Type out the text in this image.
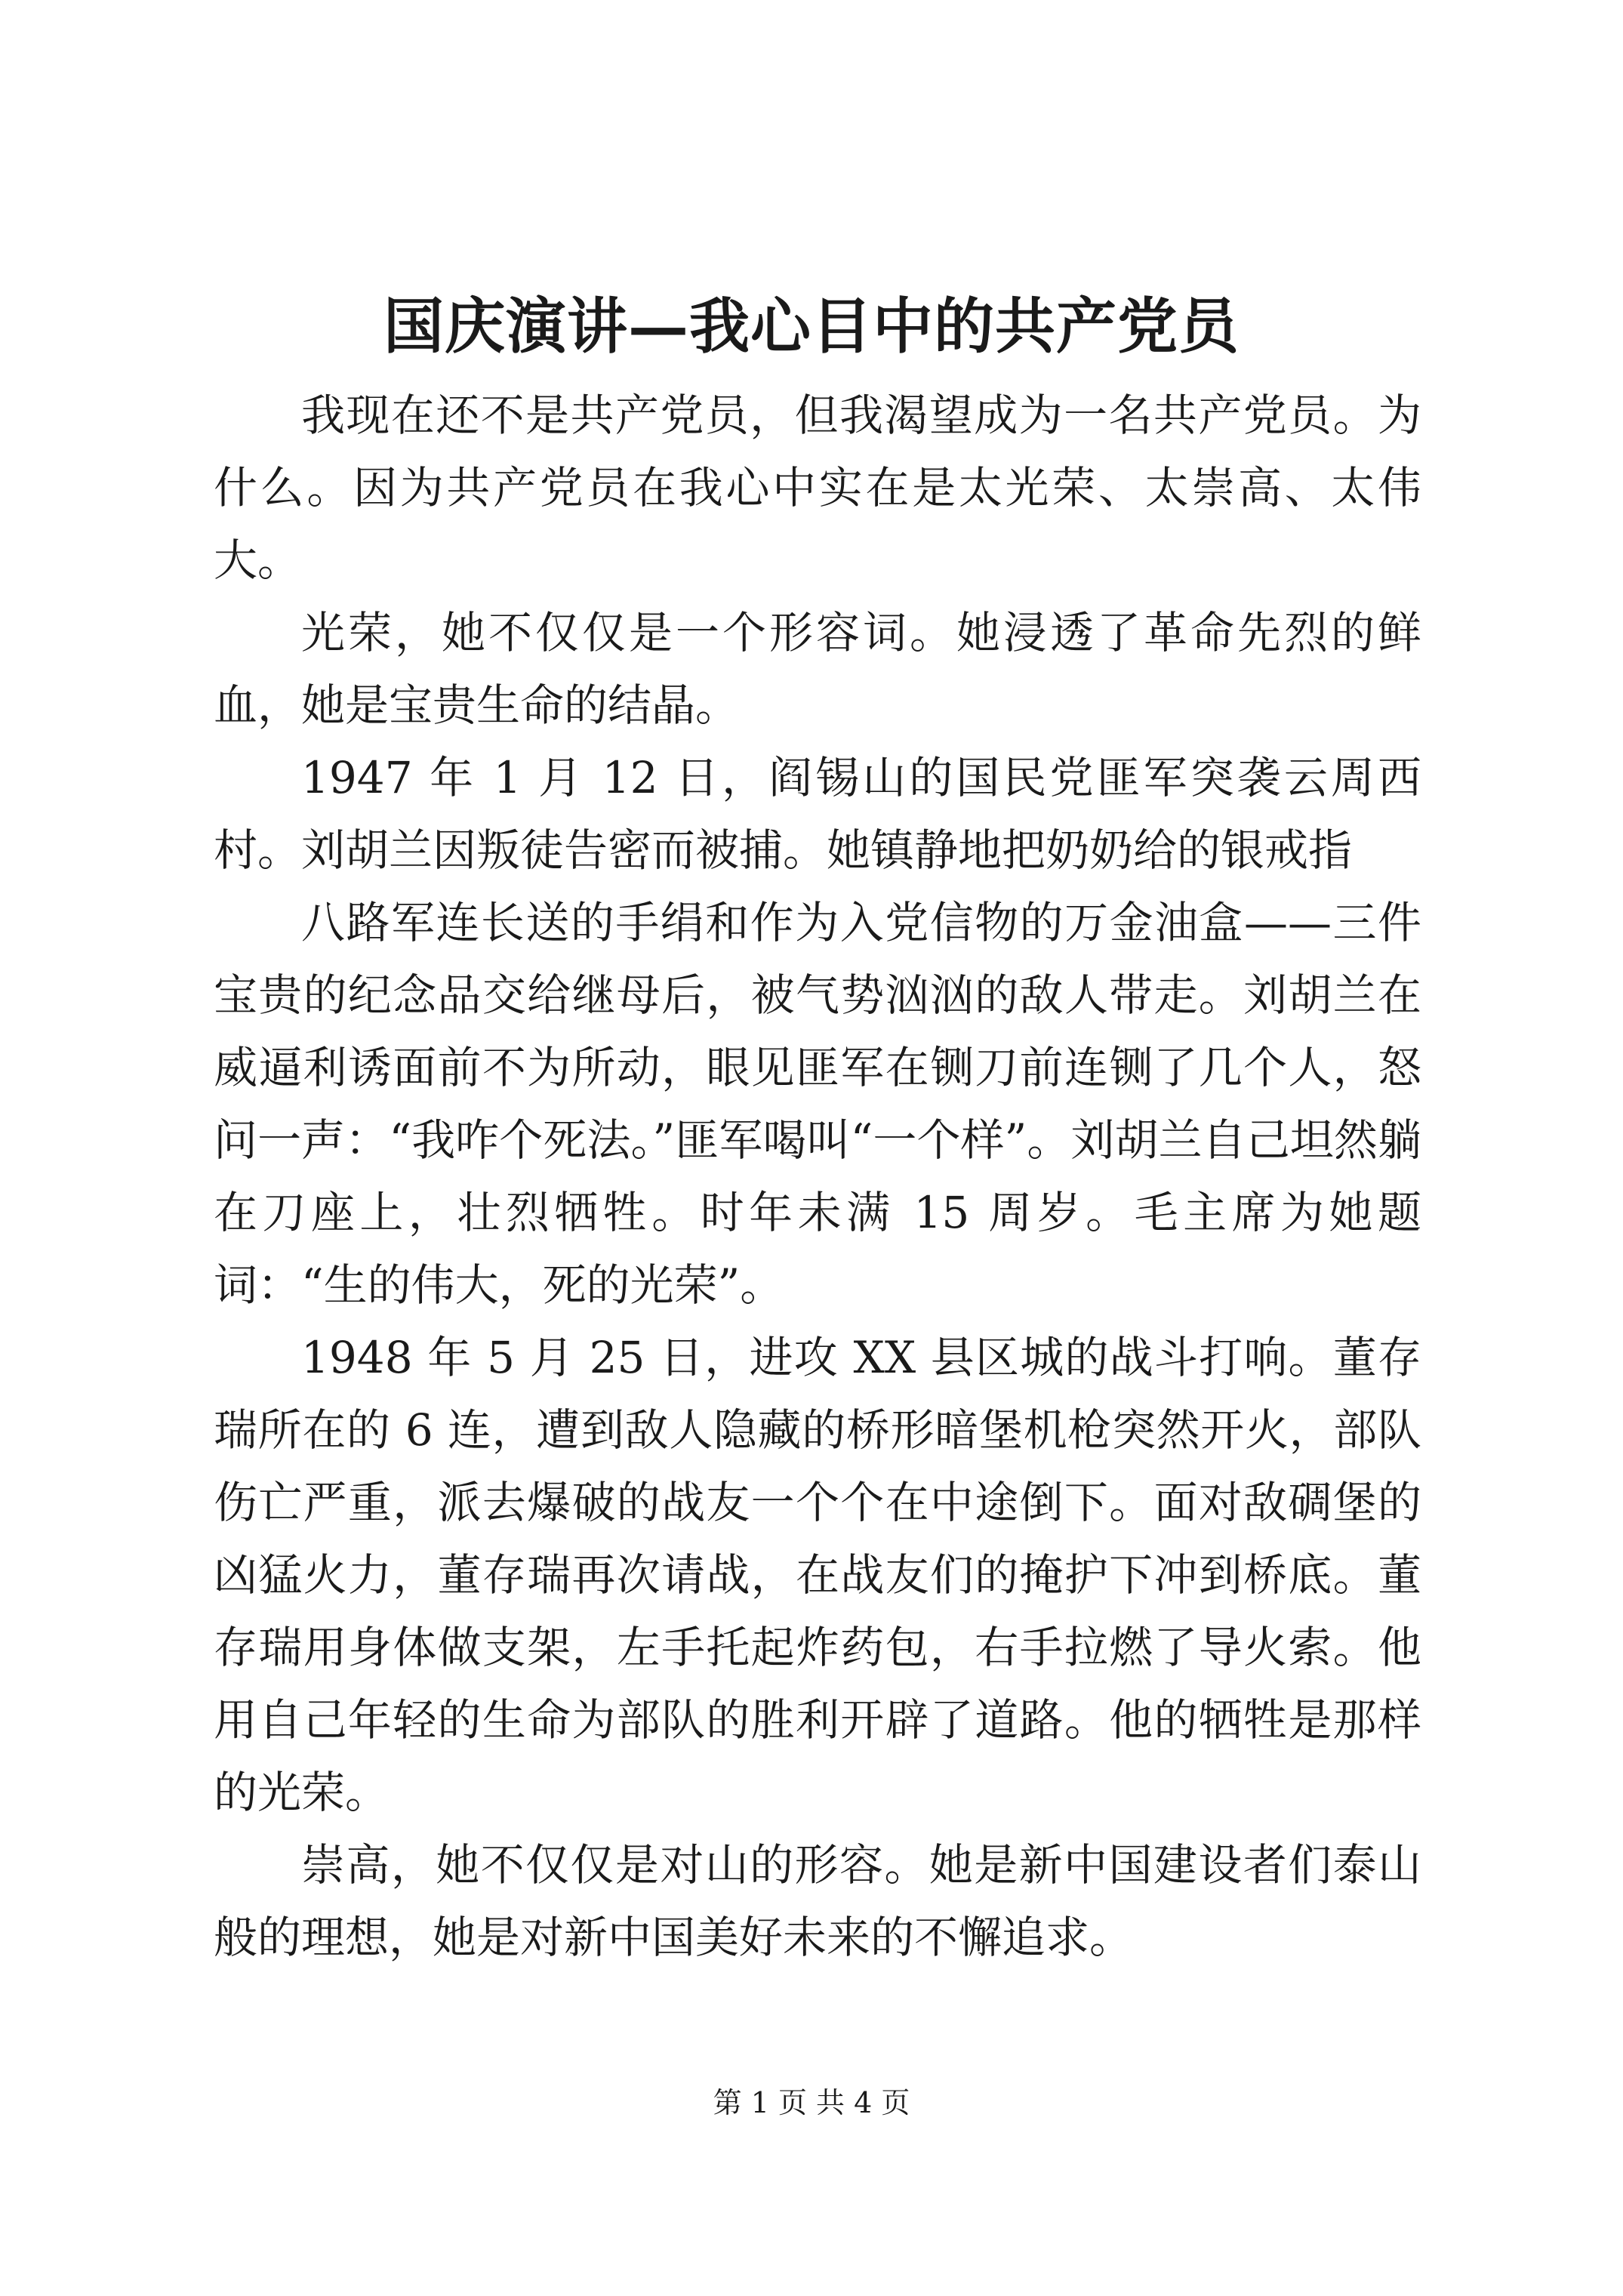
国庆演讲—我心目中的共产党员

我现在还不是共产党员，但我渴望成为一名共产党员。为什么。因为共产党员在我心中实在是太光荣、太崇高、太伟大。

光荣，她不仅仅是一个形容词。她浸透了革命先烈的鲜血，她是宝贵生命的结晶。

1947 年 1 月 12 日，阎锡山的国民党匪军突袭云周西村。刘胡兰因叛徒告密而被捕。她镇静地把奶奶给的银戒指

八路军连长送的手绢和作为入党信物的万金油盒——三件宝贵的纪念品交给继母后，被气势汹汹的敌人带走。刘胡兰在威逼利诱面前不为所动，眼见匪军在铡刀前连铡了几个人，怒问一声：“我咋个死法。”匪军喝叫“一个样”。刘胡兰自己坦然躺在刀座上，壮烈牺牲。时年未满 15 周岁。毛主席为她题词：“生的伟大，死的光荣”。

1948 年 5 月 25 日，进攻 XX 县区城的战斗打响。董存瑞所在的 6 连，遭到敌人隐藏的桥形暗堡机枪突然开火，部队伤亡严重，派去爆破的战友一个个在中途倒下。面对敌碉堡的凶猛火力，董存瑞再次请战，在战友们的掩护下冲到桥底。董存瑞用身体做支架，左手托起炸药包，右手拉燃了导火索。他用自己年轻的生命为部队的胜利开辟了道路。他的牺牲是那样的光荣。

崇高，她不仅仅是对山的形容。她是新中国建设者们泰山般的理想，她是对新中国美好未来的不懈追求。

第 1 页 共 4 页
